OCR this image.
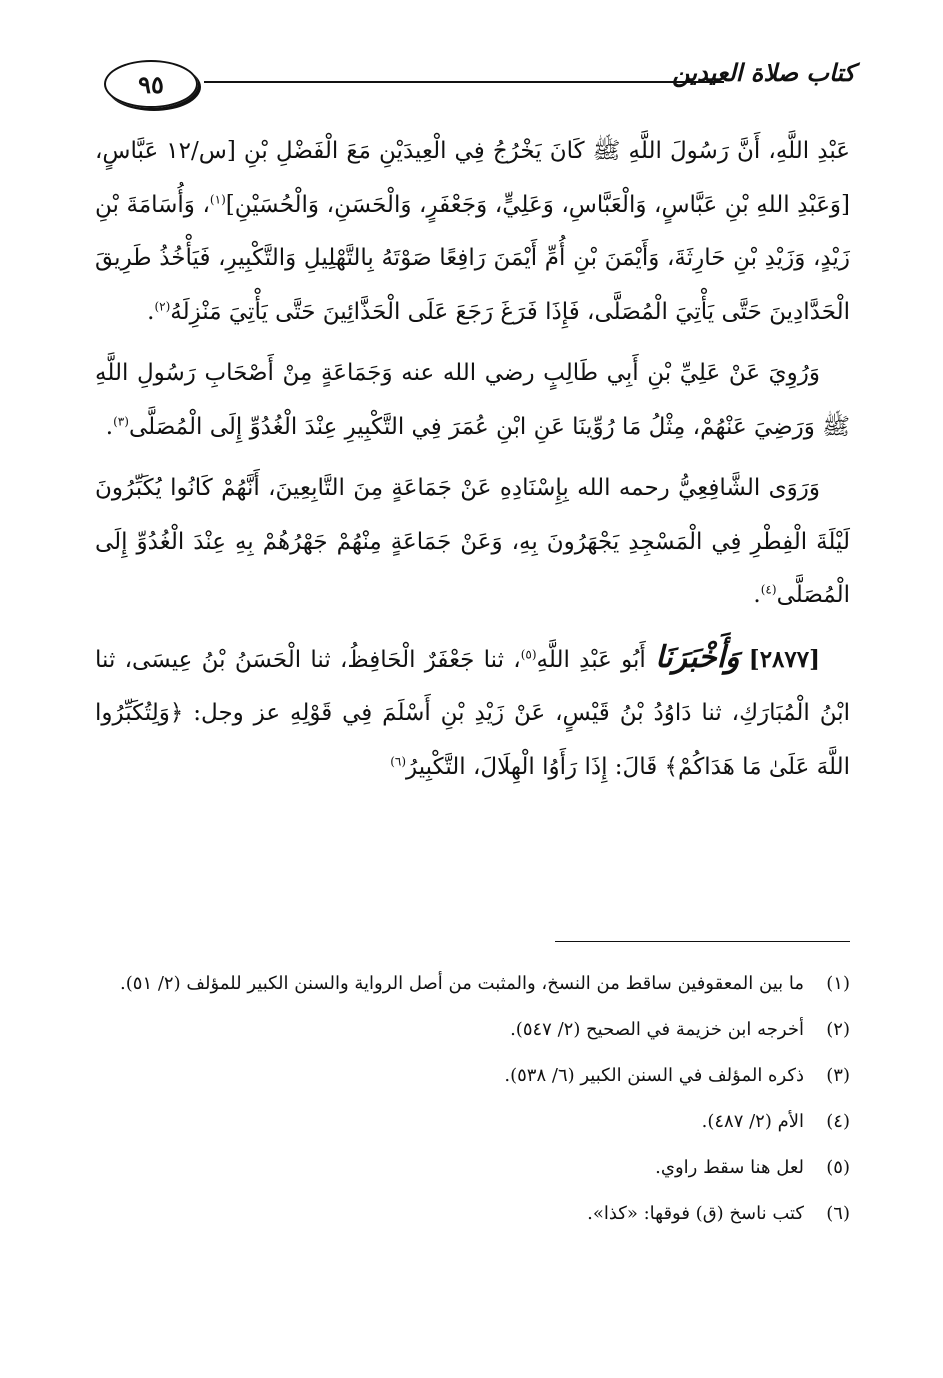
٩٥	كتاب صلاة العيدين

عَبْدِ اللَّهِ، أَنَّ رَسُولَ اللَّهِ ﷺ كَانَ يَخْرُجُ فِي الْعِيدَيْنِ مَعَ الْفَضْلِ بْنِ [س/١٢ عَبَّاسٍ، [وَعَبْدِ اللهِ بْنِ عَبَّاسٍ، وَالْعَبَّاسِ، وَعَلِيٍّ، وَجَعْفَرٍ، وَالْحَسَنِ، وَالْحُسَيْنِ]$^{(١)}$، وَأُسَامَةَ بْنِ زَيْدٍ، وَزَيْدِ بْنِ حَارِثَةَ، وَأَيْمَنَ بْنِ أُمِّ أَيْمَنَ رَافِعًا صَوْتَهُ بِالتَّهْلِيلِ وَالتَّكْبِيرِ، فَيَأْخُذُ طَرِيقَ الْحَدَّادِينَ حَتَّى يَأْتِيَ الْمُصَلَّى، فَإِذَا فَرَغَ رَجَعَ عَلَى الْحَذَّائِينَ حَتَّى يَأْتِيَ مَنْزِلَهُ$^{(٢)}$.

وَرُوِيَ عَنْ عَلِيِّ بْنِ أَبِي طَالِبٍ رضي الله عنه وَجَمَاعَةٍ مِنْ أَصْحَابِ رَسُولِ اللَّهِ ﷺ وَرَضِيَ عَنْهُمْ، مِثْلُ مَا رُوِّينَا عَنِ ابْنِ عُمَرَ فِي التَّكْبِيرِ عِنْدَ الْغُدُوِّ إِلَى الْمُصَلَّى$^{(٣)}$.

وَرَوَى الشَّافِعِيُّ رحمه الله بِإِسْنَادِهِ عَنْ جَمَاعَةٍ مِنَ التَّابِعِينَ، أَنَّهُمْ كَانُوا يُكَبِّرُونَ لَيْلَةَ الْفِطْرِ فِي الْمَسْجِدِ يَجْهَرُونَ بِهِ، وَعَنْ جَمَاعَةٍ مِنْهُمْ جَهْرُهُمْ بِهِ عِنْدَ الْغُدُوِّ إِلَى الْمُصَلَّى$^{(٤)}$.

[٢٨٧٧] وَأَخْبَرَنَا أَبُو عَبْدِ اللَّهِ$^{(٥)}$، ثنا جَعْفَرٌ الْحَافِظُ، ثنا الْحَسَنُ بْنُ عِيسَى، ثنا ابْنُ الْمُبَارَكِ، ثنا دَاوُدُ بْنُ قَيْسٍ، عَنْ زَيْدِ بْنِ أَسْلَمَ فِي قَوْلِهِ عز وجل: ﴿وَلِتُكَبِّرُوا اللَّهَ عَلَىٰ مَا هَدَاكُمْ﴾ قَالَ: إِذَا رَأَوُا الْهِلَالَ، التَّكْبِيرُ$^{(٦)}$

(١)
ما بين المعقوفين ساقط من النسخ، والمثبت من أصل الرواية والسنن الكبير للمؤلف (٢/ ٥١).
(٢)
أخرجه ابن خزيمة في الصحيح (٢/ ٥٤٧).
(٣)
ذكره المؤلف في السنن الكبير (٦/ ٥٣٨).
(٤)
الأم (٢/ ٤٨٧).
(٥)
لعل هنا سقط راوي.
(٦)
كتب ناسخ (ق) فوقها: «كذا».
